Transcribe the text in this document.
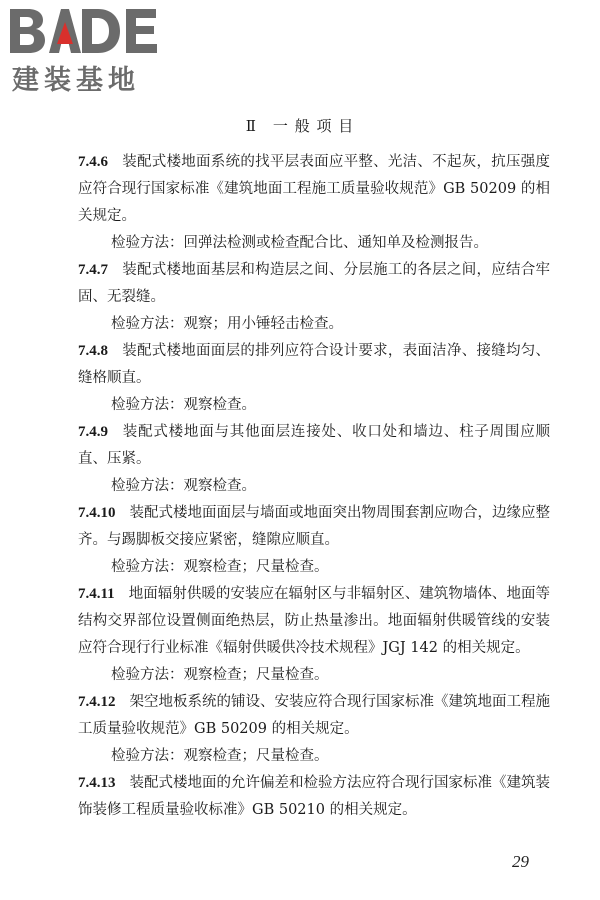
建装基地
Ⅱ　一 般 项 目

7.4.6 装配式楼地面系统的找平层表面应平整、光洁、不起灰，抗压强度应符合现行国家标准《建筑地面工程施工质量验收规范》GB 50209 的相关规定。

检验方法：回弹法检测或检查配合比、通知单及检测报告。

7.4.7 装配式楼地面基层和构造层之间、分层施工的各层之间，应结合牢固、无裂缝。

检验方法：观察；用小锤轻击检查。

7.4.8 装配式楼地面面层的排列应符合设计要求，表面洁净、接缝均匀、缝格顺直。

检验方法：观察检查。

7.4.9 装配式楼地面与其他面层连接处、收口处和墙边、柱子周围应顺直、压紧。

检验方法：观察检查。

7.4.10 装配式楼地面面层与墙面或地面突出物周围套割应吻合，边缘应整齐。与踢脚板交接应紧密，缝隙应顺直。

检验方法：观察检查；尺量检查。

7.4.11 地面辐射供暖的安装应在辐射区与非辐射区、建筑物墙体、地面等结构交界部位设置侧面绝热层，防止热量渗出。地面辐射供暖管线的安装应符合现行行业标准《辐射供暖供冷技术规程》JGJ 142 的相关规定。

检验方法：观察检查；尺量检查。

7.4.12 架空地板系统的铺设、安装应符合现行国家标准《建筑地面工程施工质量验收规范》GB 50209 的相关规定。

检验方法：观察检查；尺量检查。

7.4.13 装配式楼地面的允许偏差和检验方法应符合现行国家标准《建筑装饰装修工程质量验收标准》GB 50210 的相关规定。

29
